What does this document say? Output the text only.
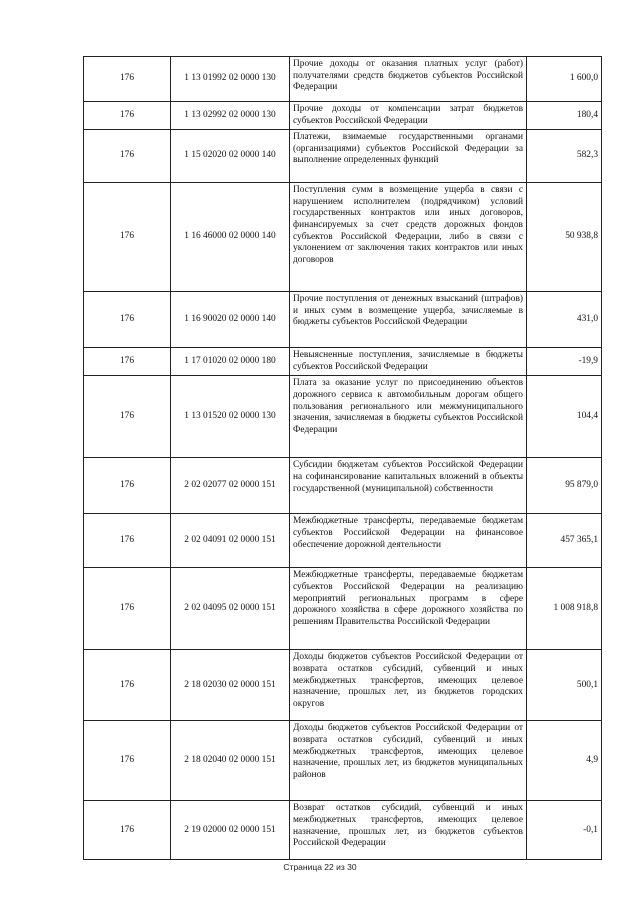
176	1 13 01992 02 0000 130	Прочие доходы от оказания платных услуг (работ) получателями средств бюджетов субъектов Российской Федерации	1 600,0
176	1 13 02992 02 0000 130	Прочие доходы от компенсации затрат бюджетов субъектов Российской Федерации	180,4
176	1 15 02020 02 0000 140	Платежи, взимаемые государственными органами (организациями) субъектов Российской Федерации за выполнение определенных функций	582,3
176	1 16 46000 02 0000 140	Поступления сумм в возмещение ущерба в связи с нарушением исполнителем (подрядчиком) условий государственных контрактов или иных договоров, финансируемых за счет средств дорожных фондов субъектов Российской Федерации, либо в связи с уклонением от заключения таких контрактов или иных договоров	50 938,8
176	1 16 90020 02 0000 140	Прочие поступления от денежных взысканий (штрафов) и иных сумм в возмещение ущерба, зачисляемые в бюджеты субъектов Российской Федерации	431,0
176	1 17 01020 02 0000 180	Невыясненные поступления, зачисляемые в бюджеты субъектов Российской Федерации	-19,9
176	1 13 01520 02 0000 130	Плата за оказание услуг по присоединению объектов дорожного сервиса к автомобильным дорогам общего пользования регионального или межмуниципального значения, зачисляемая в бюджеты субъектов Российской Федерации	104,4
176	2 02 02077 02 0000 151	Субсидии бюджетам субъектов Российской Федерации на софинансирование капитальных вложений в объекты государственной (муниципальной) собственности	95 879,0
176	2 02 04091 02 0000 151	Межбюджетные трансферты, передаваемые бюджетам субъектов Российской Федерации на финансовое обеспечение дорожной деятельности	457 365,1
176	2 02 04095 02 0000 151	Межбюджетные трансферты, передаваемые бюджетам субъектов Российской Федерации на реализацию мероприятий региональных программ в сфере дорожного хозяйства в сфере дорожного хозяйства по решениям Правительства Российской Федерации	1 008 918,8
176	2 18 02030 02 0000 151	Доходы бюджетов субъектов Российской Федерации от возврата остатков субсидий, субвенций и иных межбюджетных трансфертов, имеющих целевое назначение, прошлых лет, из бюджетов городских округов	500,1
176	2 18 02040 02 0000 151	Доходы бюджетов субъектов Российской Федерации от возврата остатков субсидий, субвенций и иных межбюджетных трансфертов, имеющих целевое назначение, прошлых лет, из бюджетов муниципальных районов	4,9
176	2 19 02000 02 0000 151	Возврат остатков субсидий, субвенций и иных межбюджетных трансфертов, имеющих целевое назначение, прошлых лет, из бюджетов субъектов Российской Федерации	-0,1
Страница 22 из 30
